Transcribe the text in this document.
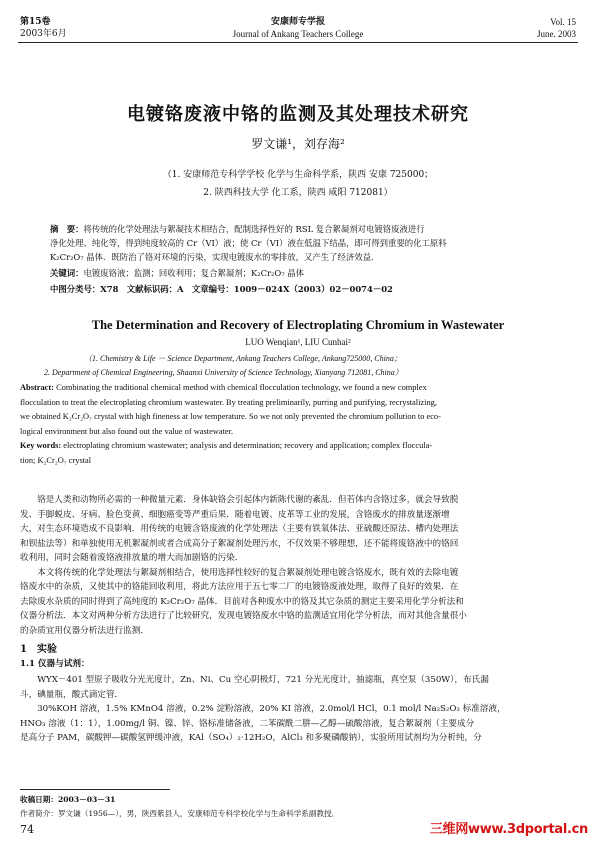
第15卷
2003年6月
安康师专学报
Journal of Ankang Teachers College
Vol. 15
June. 2003
电镀铬废液中铬的监测及其处理技术研究
罗文谦¹，刘存海²
（1. 安康师范专科学学校 化学与生命科学系，陕西 安康 725000；
2. 陕西科技大学 化工系，陕西 咸阳 712081）
摘　要：将传统的化学处理法与絮凝技术相结合，配制选择性好的 RSL 复合絮凝剂对电镀铬废液进行
净化处理、纯化等，得到纯度较高的 Cr（VI）液；使 Cr（VI）液在低温下结晶，即可得到重要的化工原料
K₂Cr₂O₇ 晶体．既防治了铬对环境的污染，实现电镀废水的零排放，又产生了经济效益．
关键词：电镀废铬液；监测；回收利用；复合絮凝剂；K₂Cr₂O₇ 晶体
中图分类号：X78　文献标识码：A　文章编号：1009－024X（2003）02－0074－02
The Determination and Recovery of Electroplating Chromium in Wastewater
LUO Wenqian¹, LIU Cunhai²
（1. Chemistry & Life － Science Department, Ankang Teachers College, Ankang725000, China；
2. Department of Chemical Engineering, Shaanxi University of Science Technology, Xianyang 712081, China）
Abstract: Combinating the traditional chemical method with chemical flocculation technology, we found a new complex
flocculation to treat the electroplating chromium wastewater. By treating preliminarily, purring and purifying, recrystalizing,
we obtained K₂Cr₂O₇ crystal with high fineness at low temperature. So we not only prevented the chromium pollution to eco-
logical environment but also found out the value of wastewater.
Key words: electroplating chromium wastewater; analysis and determination; recovery and application; complex floccula-
tion; K₂Cr₂O₇ crystal
　　铬是人类和动物所必需的一种微量元素．身体缺铬会引起体内新陈代谢的紊乱．但若体内含铬过多，就会导致脱
发、手脚蜕皮、牙病、脸色变黄、细胞癌变等严重后果．随着电镀、皮革等工业的发展，含铬废水的排放量逐渐增
大，对生态环境造成不良影响．用传统的电镀含铬废液的化学处理法（主要有铁氧体法、亚硫酸还原法、槽内处理法
和钡盐法等）和单独使用无机絮凝剂或者合成高分子絮凝剂处理污水，不仅效果不够理想，还不能将废铬液中的铬回
收利用，同时会随着废铬液排放量的增大而加剧铬的污染．
　　本文将传统的化学处理法与絮凝剂相结合，使用选择性较好的复合絮凝剂处理电镀含铬废水，既有效的去除电镀
铬废水中的杂质，又使其中的铬能回收利用，将此方法应用于五七零二厂的电镀铬废液处理，取得了良好的效果．在
去除废水杂质的同时得到了高纯度的 K₂Cr₂O₇ 晶体．目前对各种废水中的铬及其它杂质的测定主要采用化学分析法和
仪器分析法．本文对两种分析方法进行了比较研究，发现电镀铬废水中铬的监测适宜用化学分析法，而对其他含量很小
的杂质宜用仪器分析法进行监测．
1　实验
1.1 仪器与试剂：
　　WYX－401 型原子吸收分光光度计，Zn、Ni、Cu 空心阴极灯，721 分光光度计，抽滤瓶，真空泵（350W），布氏漏
斗，碘量瓶，酸式滴定管．
　　30%KOH 溶液，1.5% KMnO4 溶液，0.2% 淀粉溶液，20% KI 溶液，2.0mol/l HCl，0.1 mol/l Na₂S₂O₃ 标准溶液，
HNO₃ 溶液（1：1），1.00mg/l 铜、镍、锌、铬标准储备液，二苯碳酰二肼—乙醇—硫酸溶液，复合絮凝剂（主要成分
是高分子 PAM，碳酸钾—碳酸氢钾缓冲液，KAl（SO₄）₂·12H₂O，AlCl₃ 和多聚磷酸钠），实验所用试剂均为分析纯，分
收稿日期：2003－03－31
作者简介：罗文谦（1956—），男，陕西紫县人，安康师范专科学校化学与生命科学系副教授．
74	三维网www.3dportal.cn
